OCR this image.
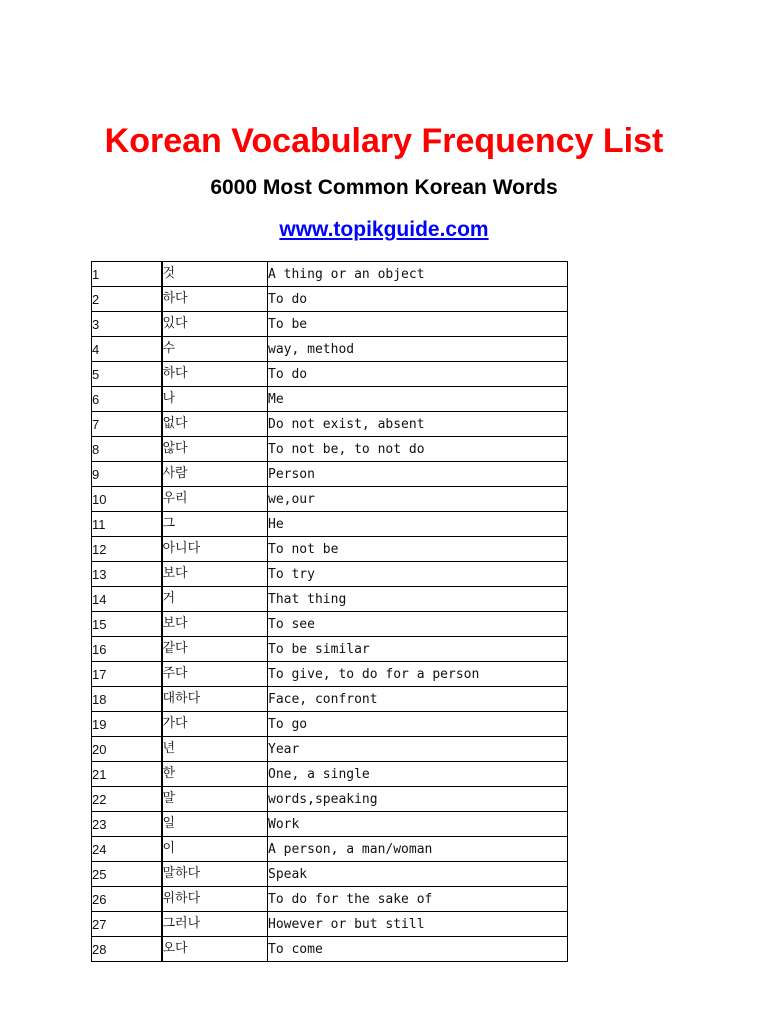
Korean Vocabulary Frequency List
6000 Most Common Korean Words
www.topikguide.com
1	것	A thing or an object
2	하다	To do
3	있다	To be
4	수	way, method
5	하다	To do
6	나	Me
7	없다	Do not exist, absent
8	않다	To not be, to not do
9	사람	Person
10	우리	we,our
11	그	He
12	아니다	To not be
13	보다	To try
14	거	That thing
15	보다	To see
16	같다	To be similar
17	주다	To give, to do for a person
18	대하다	Face, confront
19	가다	To go
20	년	Year
21	한	One, a single
22	말	words,speaking
23	일	Work
24	이	A person, a man/woman
25	말하다	Speak
26	위하다	To do for the sake of
27	그러나	However or but still
28	오다	To come
